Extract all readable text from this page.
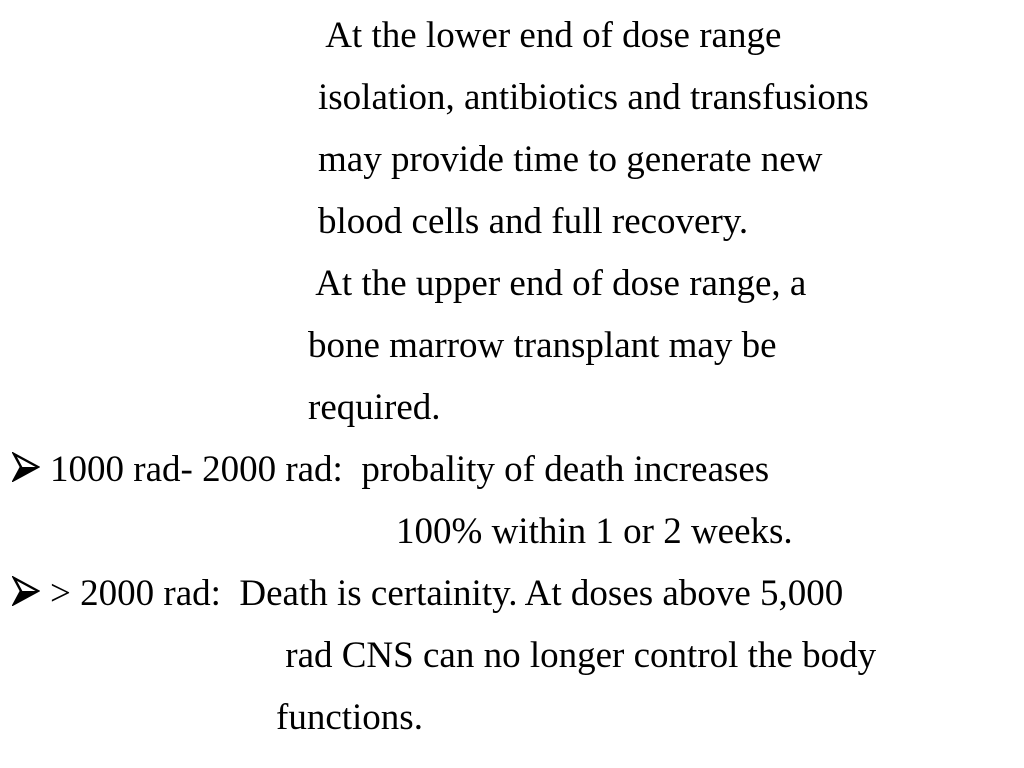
At the lower end of dose range
isolation, antibiotics and transfusions
may provide time to generate new
blood cells and full recovery.
At the upper end of dose range, a
bone marrow transplant may be
required.
1000 rad- 2000 rad:  probality of death increases
100% within 1 or 2 weeks.
> 2000 rad:  Death is certainity. At doses above 5,000
rad CNS can no longer control the body
functions.
